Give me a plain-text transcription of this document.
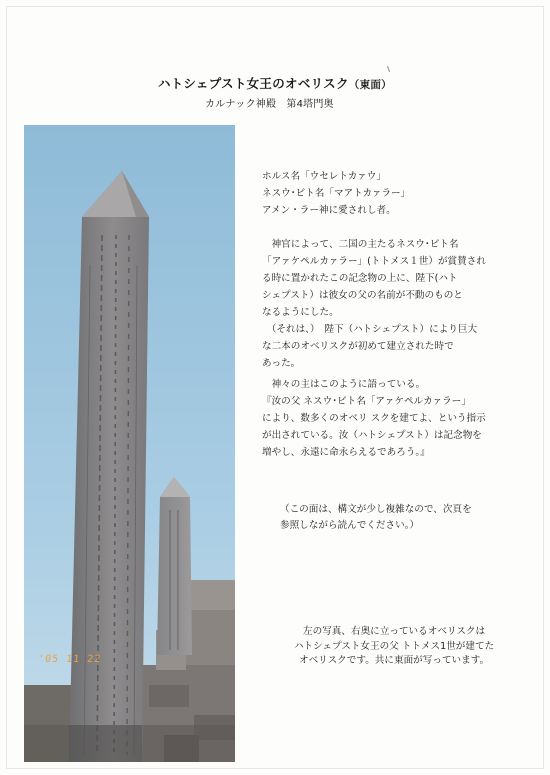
ハトシェプスト女王のオベリスク（東面）
カルナック神殿　第4塔門奥
'05 11 22

ホルス名「ウセレトカァウ」

ネスウ･ビト名「マアトカァラー」

アメン・ラー神に愛されし者。

　神官によって、二国の主たるネスウ･ビト名

「アァケペルカァラー」(トトメス１世）が賞賛され

る時に置かれたこの記念物の上に、陛下(ハト

シェプスト）は彼女の父の名前が不動のものと

なるようにした。

　（それは、）　陛下（ハトシェプスト）により巨大

な二本のオベリスクが初めて建立された時で

あった。

　神々の主はこのように語っている。

『汝の父 ネスウ･ビト名「アァケペルカァラー」

により、数多くのオベリ スクを建てよ、という指示

が出されている。汝（ハトシェプスト）は記念物を

増やし、永遠に命永らえるであろう。』

（この面は、構文が少し複雑なので、次頁を
参照しながら読んでください。）
左の写真、右奥に立っているオベリスクは
ハトシェプスト女王の父 トトメス1世が建てた
オベリスクです。共に東面が写っています。
